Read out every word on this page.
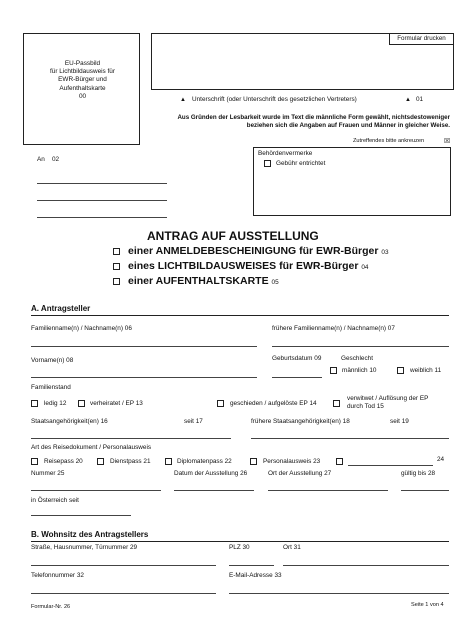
EU-Passbild
für Lichtbildausweis für
EWR-Bürger und
Aufenthaltskarte
00
Formular drucken
▲ Unterschrift (oder Unterschrift des gesetzlichen Vertreters)	▲ 01
Aus Gründen der Lesbarkeit wurde im Text die männliche Form gewählt, nichtsdestoweniger beziehen sich die Angaben auf Frauen und Männer in gleicher Weise.
Zutreffendes bitte ankreuzen	☒
An 02
Behördenvermerke
Gebühr entrichtet
ANTRAG AUF AUSSTELLUNG
einer ANMELDEBESCHEINIGUNG für EWR-Bürger 03
eines LICHTBILDAUSWEISES für EWR-Bürger 04
einer AUFENTHALTSKARTE 05
A. Antragsteller
Familienname(n) / Nachname(n) 06	frühere Familienname(n) / Nachname(n) 07
Vorname(n) 08	Geburtsdatum 09	Geschlecht
männlich 10	weiblich 11
Familienstand
ledig 12	verheiratet / EP 13	geschieden / aufgelöste EP 14
verwitwet / Auflösung der EP
durch Tod 15
Staatsangehörigkeit(en) 16	seit 17	frühere Staatsangehörigkeit(en) 18	seit 19
Art des Reisedokument / Personalausweis
Reisepass 20	Dienstpass 21	Diplomatenpass 22	Personalausweis 23	24
Nummer 25	Datum der Ausstellung 26	Ort der Ausstellung 27	gültig bis 28
in Österreich seit
B. Wohnsitz des Antragstellers
Straße, Hausnummer, Türnummer 29	PLZ 30	Ort 31
Telefonnummer 32	E-Mail-Adresse 33
Formular-Nr. 26	Seite 1 von 4
